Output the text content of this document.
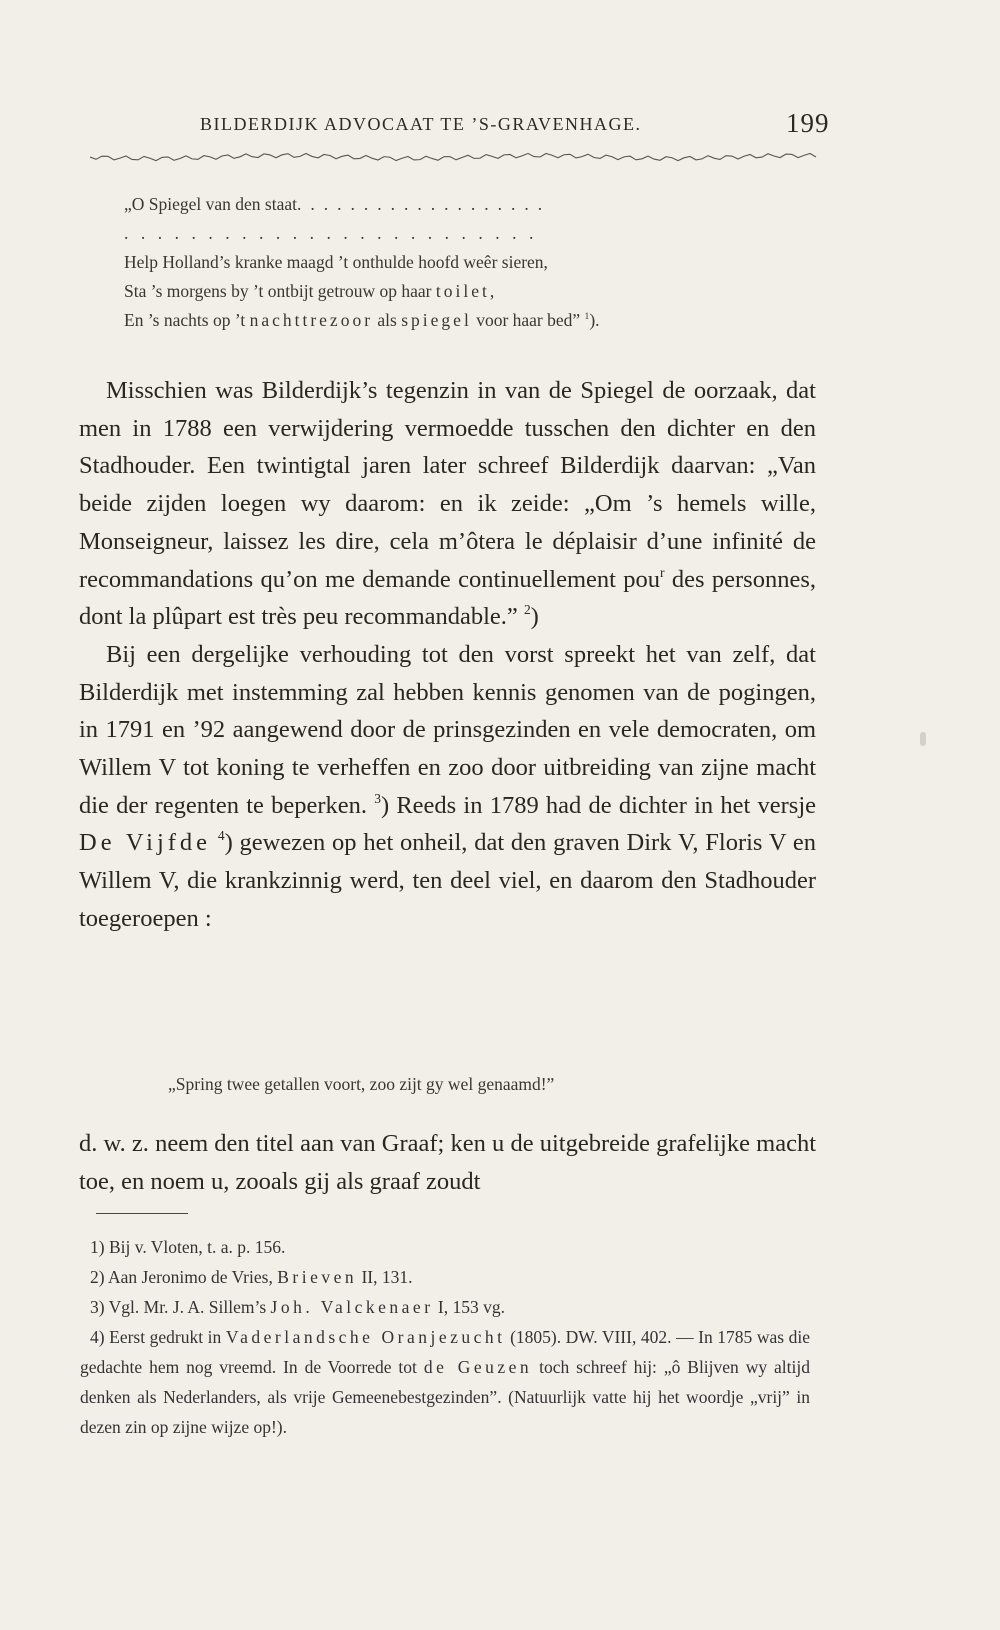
BILDERDIJK ADVOCAAT TE ’S-GRAVENHAGE.	199
„O Spiegel van den staat...................
.........................
Help Holland’s kranke maagd ’t onthulde hoofd weêr sieren,
Sta ’s morgens by ’t ontbijt getrouw op haar toilet,
En ’s nachts op ’t nachttrezoor als spiegel voor haar bed” $^1$).

Misschien was Bilderdijk’s tegenzin in van de Spiegel de oorzaak, dat men in 1788 een verwijdering vermoedde tusschen den dichter en den Stadhouder. Een twintigtal jaren later schreef Bilderdijk daarvan: „Van beide zijden loegen wy daarom: en ik zeide: „Om ’s hemels wille, Monseigneur, laissez les dire, cela m’ôtera le déplaisir d’une infinité de recommandations qu’on me demande continuellement pou$^r$ des personnes, dont la plûpart est très peu recommandable.” $^2$)

Bij een dergelijke verhouding tot den vorst spreekt het van zelf, dat Bilderdijk met instemming zal hebben kennis genomen van de pogingen, in 1791 en ’92 aangewend door de prinsgezinden en vele democraten, om Willem V tot koning te verheffen en zoo door uitbreiding van zijne macht die der regenten te beperken. $^3$) Reeds in 1789 had de dichter in het versje De Vijfde $^4$) gewezen op het onheil, dat den graven Dirk V, Floris V en Willem V, die krankzinnig werd, ten deel viel, en daarom den Stadhouder toegeroepen :

„Spring twee getallen voort, zoo zijt gy wel genaamd!”

d. w. z. neem den titel aan van Graaf; ken u de uitgebreide grafelijke macht toe, en noem u, zooals gij als graaf zoudt

1) Bij v. Vloten, t. a. p. 156.

2) Aan Jeronimo de Vries, Brieven II, 131.

3) Vgl. Mr. J. A. Sillem’s Joh. Valckenaer I, 153 vg.

4) Eerst gedrukt in Vaderlandsche Oranjezucht (1805). DW. VIII, 402. — In 1785 was die gedachte hem nog vreemd. In de Voorrede tot de Geuzen toch schreef hij: „ô Blijven wy altijd denken als Nederlanders, als vrije Gemeenebestgezinden”. (Natuurlijk vatte hij het woordje „vrij” in dezen zin op zijne wijze op!).
